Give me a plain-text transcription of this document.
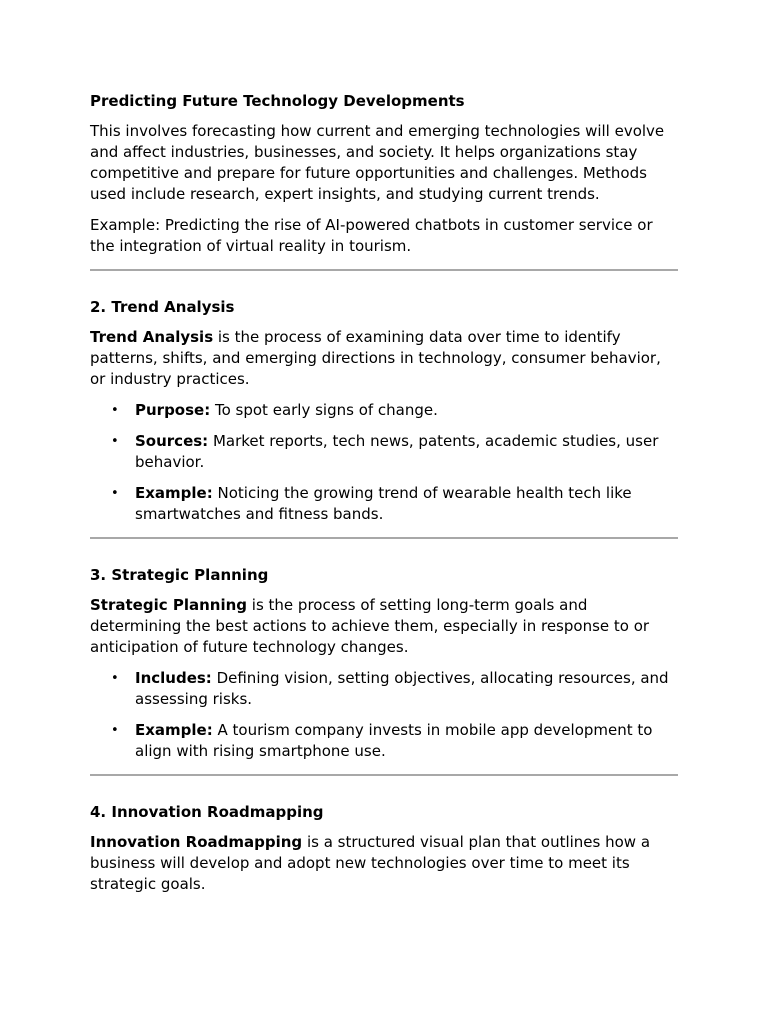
Predicting Future Technology Developments

This involves forecasting how current and emerging technologies will evolve and affect industries, businesses, and society. It helps organizations stay competitive and prepare for future opportunities and challenges. Methods used include research, expert insights, and studying current trends.

Example: Predicting the rise of AI-powered chatbots in customer service or the integration of virtual reality in tourism.

2. Trend Analysis

Trend Analysis is the process of examining data over time to identify patterns, shifts, and emerging directions in technology, consumer behavior, or industry practices.

• Purpose: To spot early signs of change.
• Sources: Market reports, tech news, patents, academic studies, user behavior.
• Example: Noticing the growing trend of wearable health tech like smartwatches and fitness bands.
3. Strategic Planning

Strategic Planning is the process of setting long-term goals and determining the best actions to achieve them, especially in response to or anticipation of future technology changes.

• Includes: Defining vision, setting objectives, allocating resources, and assessing risks.
• Example: A tourism company invests in mobile app development to align with rising smartphone use.
4. Innovation Roadmapping

Innovation Roadmapping is a structured visual plan that outlines how a business will develop and adopt new technologies over time to meet its strategic goals.
